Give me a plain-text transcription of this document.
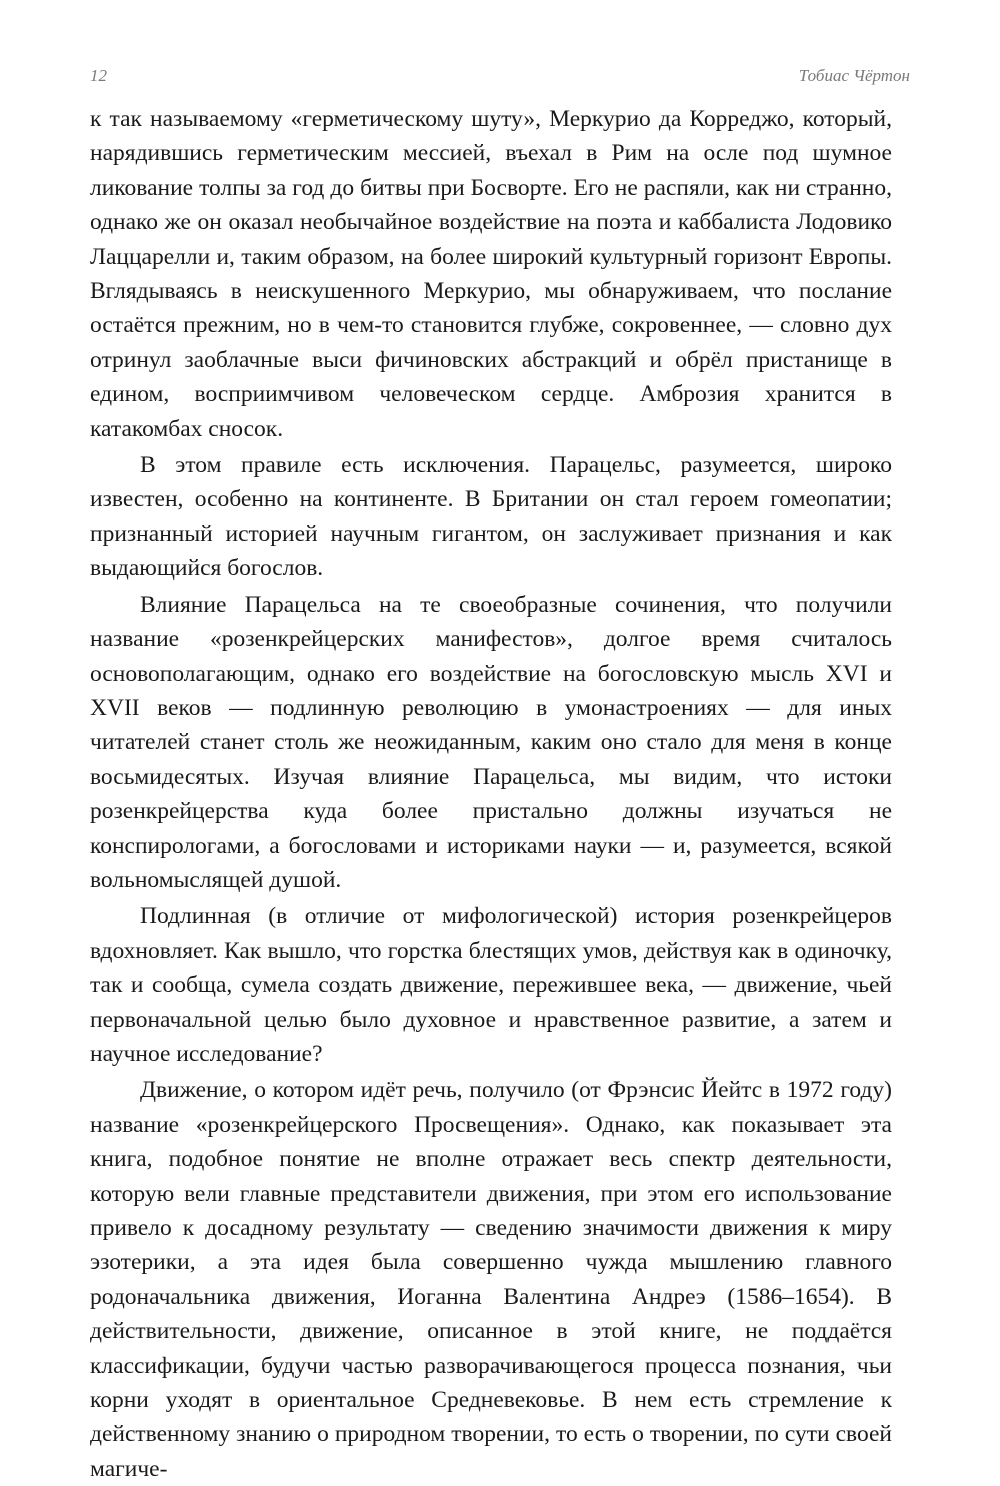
12	Тобиас Чёртон

к так называемому «герметическому шуту», Меркурио да Корреджо, который, нарядившись герметическим мессией, въехал в Рим на осле под шумное ликование толпы за год до битвы при Босворте. Его не распяли, как ни странно, однако же он оказал необычайное воздействие на поэта и каббалиста Лодовико Лаццарелли и, таким образом, на более широкий культурный горизонт Европы. Вглядываясь в неискушенного Меркурио, мы обнаруживаем, что послание остаётся прежним, но в чем-то становится глубже, сокровеннее, — словно дух отринул заоблачные выси фичиновских абстракций и обрёл пристанище в едином, восприимчивом человеческом сердце. Амброзия хранится в катакомбах сносок.

В этом правиле есть исключения. Парацельс, разумеется, широко известен, особенно на континенте. В Британии он стал героем гомеопатии; признанный историей научным гигантом, он заслуживает признания и как выдающийся богослов.

Влияние Парацельса на те своеобразные сочинения, что получили название «розенкрейцерских манифестов», долгое время считалось основополагающим, однако его воздействие на богословскую мысль XVI и XVII веков — подлинную революцию в умонастроениях — для иных читателей станет столь же неожиданным, каким оно стало для меня в конце восьмидесятых. Изучая влияние Парацельса, мы видим, что истоки розенкрейцерства куда более пристально должны изучаться не конспирологами, а богословами и историками науки — и, разумеется, всякой вольномыслящей душой.

Подлинная (в отличие от мифологической) история розенкрейцеров вдохновляет. Как вышло, что горстка блестящих умов, действуя как в одиночку, так и сообща, сумела создать движение, пережившее века, — движение, чьей первоначальной целью было духовное и нравственное развитие, а затем и научное исследование?

Движение, о котором идёт речь, получило (от Фрэнсис Йейтс в 1972 году) название «розенкрейцерского Просвещения». Однако, как показывает эта книга, подобное понятие не вполне отражает весь спектр деятельности, которую вели главные представители движения, при этом его использование привело к досадному результату — сведению значимости движения к миру эзотерики, а эта идея была совершенно чужда мышлению главного родоначальника движения, Иоганна Валентина Андреэ (1586–1654). В действительности, движение, описанное в этой книге, не поддаётся классификации, будучи частью разворачивающегося процесса познания, чьи корни уходят в ориентальное Средневековье. В нем есть стремление к действенному знанию о природном творении, то есть о творении, по сути своей магиче-
